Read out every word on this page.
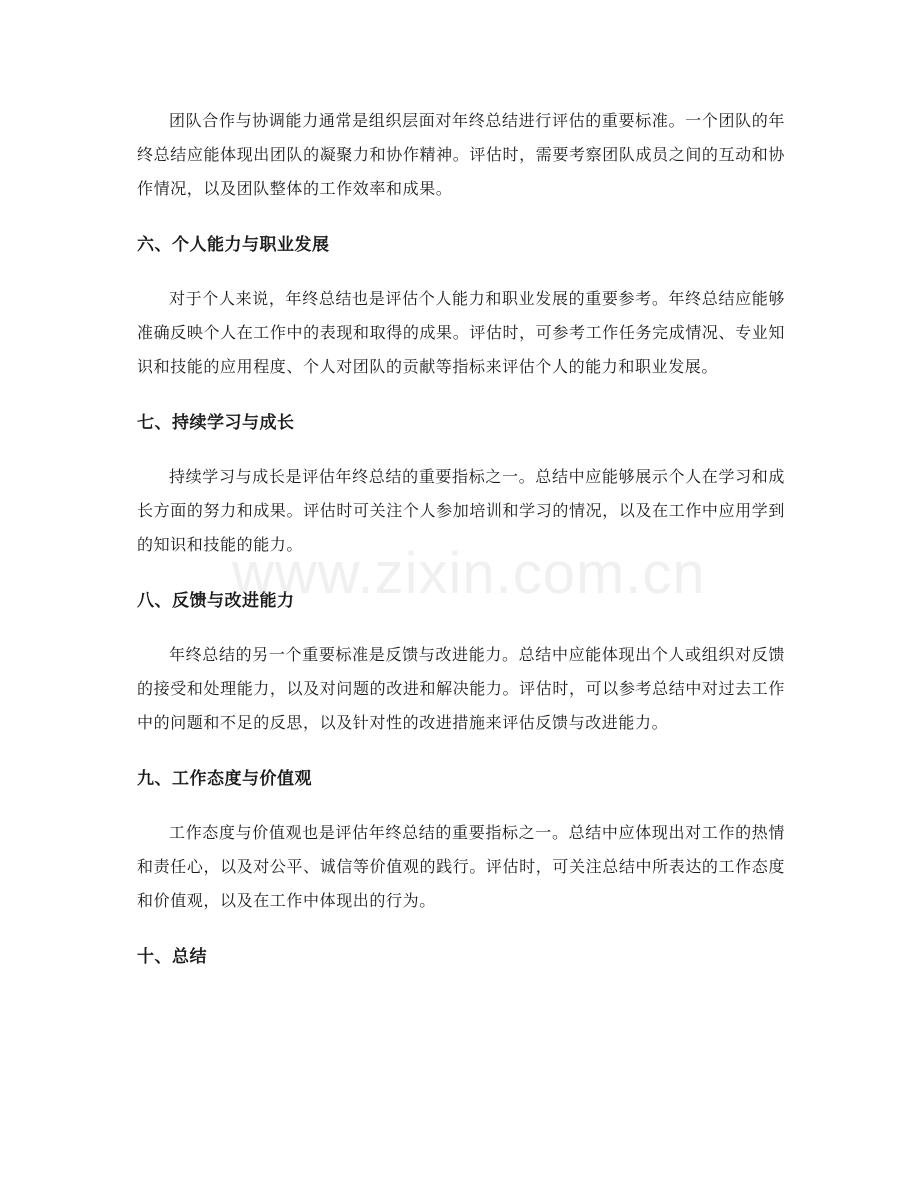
团队合作与协调能力通常是组织层面对年终总结进行评估的重要标准。一个团队的年终总结应能体现出团队的凝聚力和协作精神。评估时，需要考察团队成员之间的互动和协作情况，以及团队整体的工作效率和成果。

六、个人能力与职业发展

对于个人来说，年终总结也是评估个人能力和职业发展的重要参考。年终总结应能够准确反映个人在工作中的表现和取得的成果。评估时，可参考工作任务完成情况、专业知识和技能的应用程度、个人对团队的贡献等指标来评估个人的能力和职业发展。

七、持续学习与成长

持续学习与成长是评估年终总结的重要指标之一。总结中应能够展示个人在学习和成长方面的努力和成果。评估时可关注个人参加培训和学习的情况，以及在工作中应用学到的知识和技能的能力。

八、反馈与改进能力

年终总结的另一个重要标准是反馈与改进能力。总结中应能体现出个人或组织对反馈的接受和处理能力，以及对问题的改进和解决能力。评估时，可以参考总结中对过去工作中的问题和不足的反思，以及针对性的改进措施来评估反馈与改进能力。

九、工作态度与价值观

工作态度与价值观也是评估年终总结的重要指标之一。总结中应体现出对工作的热情和责任心，以及对公平、诚信等价值观的践行。评估时，可关注总结中所表达的工作态度和价值观，以及在工作中体现出的行为。

十、总结
www.zixin.com.cn
